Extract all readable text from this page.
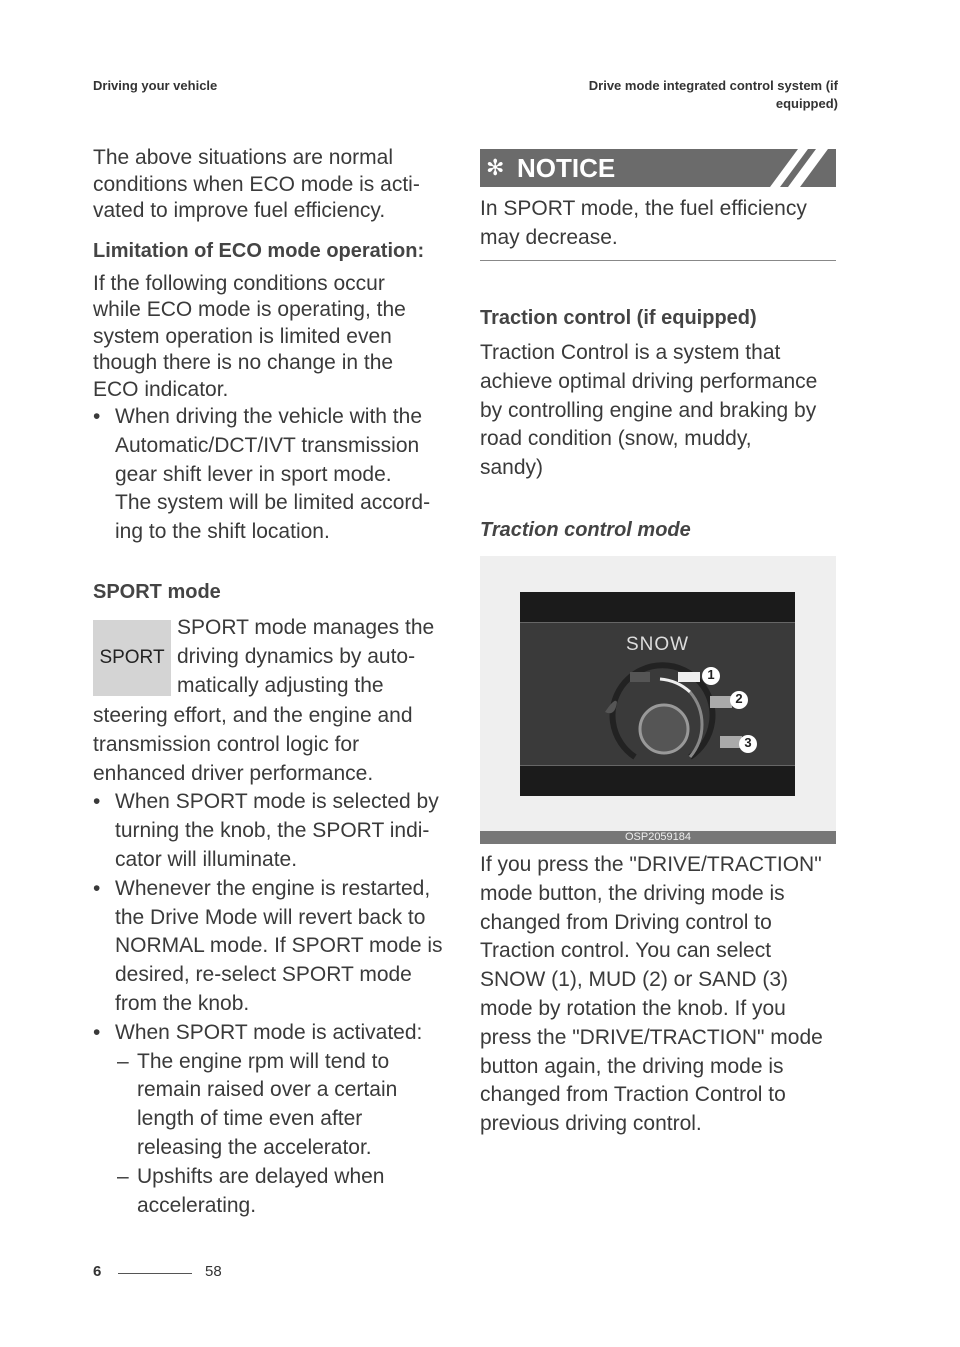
Driving your vehicle	Drive mode integrated control system (if
equipped)
The above situations are normal
conditions when ECO mode is acti-
vated to improve fuel efficiency.
Limitation of ECO mode operation:
If the following conditions occur
while ECO mode is operating, the
system operation is limited even
though there is no change in the
ECO indicator.
• When driving the vehicle with the
Automatic/DCT/IVT transmission
gear shift lever in sport mode.
The system will be limited accord-
ing to the shift location.
SPORT mode
SPORT
SPORT mode manages the
driving dynamics by auto-
matically adjusting the
steering effort, and the engine and
transmission control logic for
enhanced driver performance.
• When SPORT mode is selected by
turning the knob, the SPORT indi-
cator will illuminate.
• Whenever the engine is restarted,
the Drive Mode will revert back to
NORMAL mode. If SPORT mode is
desired, re-select SPORT mode
from the knob.
• When SPORT mode is activated:
– The engine rpm will tend to
remain raised over a certain
length of time even after
releasing the accelerator.
– Upshifts are delayed when
accelerating.
✻ NOTICE
In SPORT mode, the fuel efficiency
may decrease.
Traction control (if equipped)
Traction Control is a system that
achieve optimal driving performance
by controlling engine and braking by
road condition (snow, muddy,
sandy)
Traction control mode
SNOW
1
2
3
OSP2059184
If you press the "DRIVE/TRACTION"
mode button, the driving mode is
changed from Driving control to
Traction control. You can select
SNOW (1), MUD (2) or SAND (3)
mode by rotation the knob. If you
press the "DRIVE/TRACTION" mode
button again, the driving mode is
changed from Traction Control to
previous driving control.
6	58
